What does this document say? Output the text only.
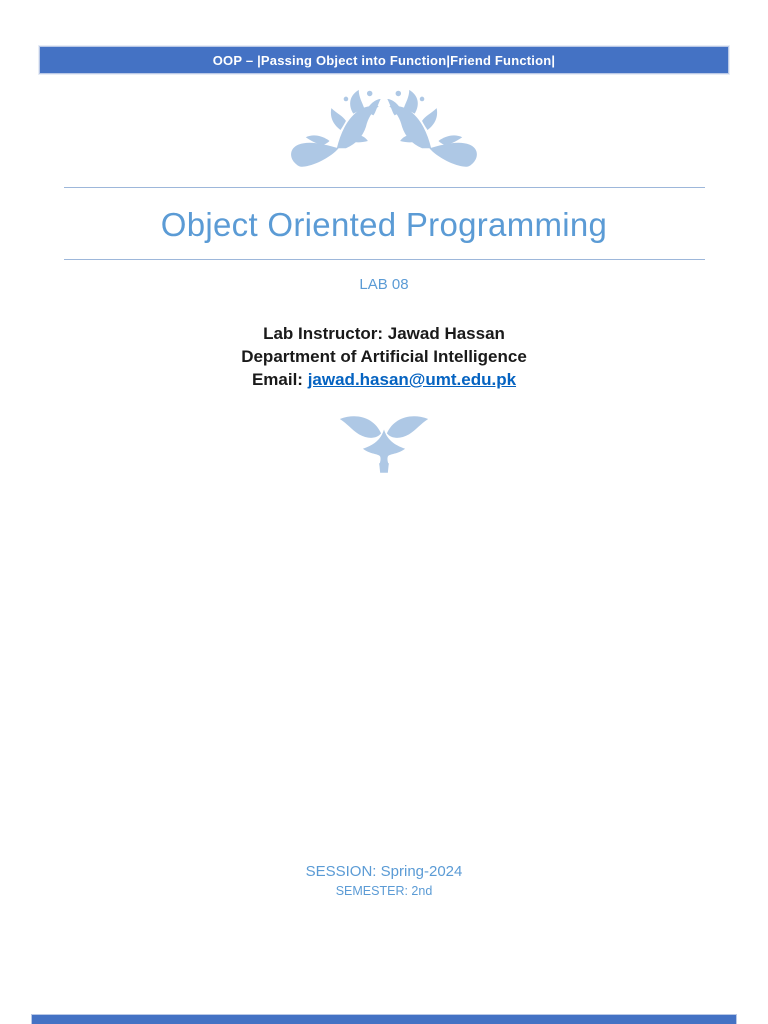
OOP – |Passing Object into Function|Friend Function|
Object Oriented Programming
LAB 08
Lab Instructor: Jawad Hassan
Department of Artificial Intelligence
Email: jawad.hasan@umt.edu.pk
SESSION: Spring-2024
SEMESTER: 2nd
